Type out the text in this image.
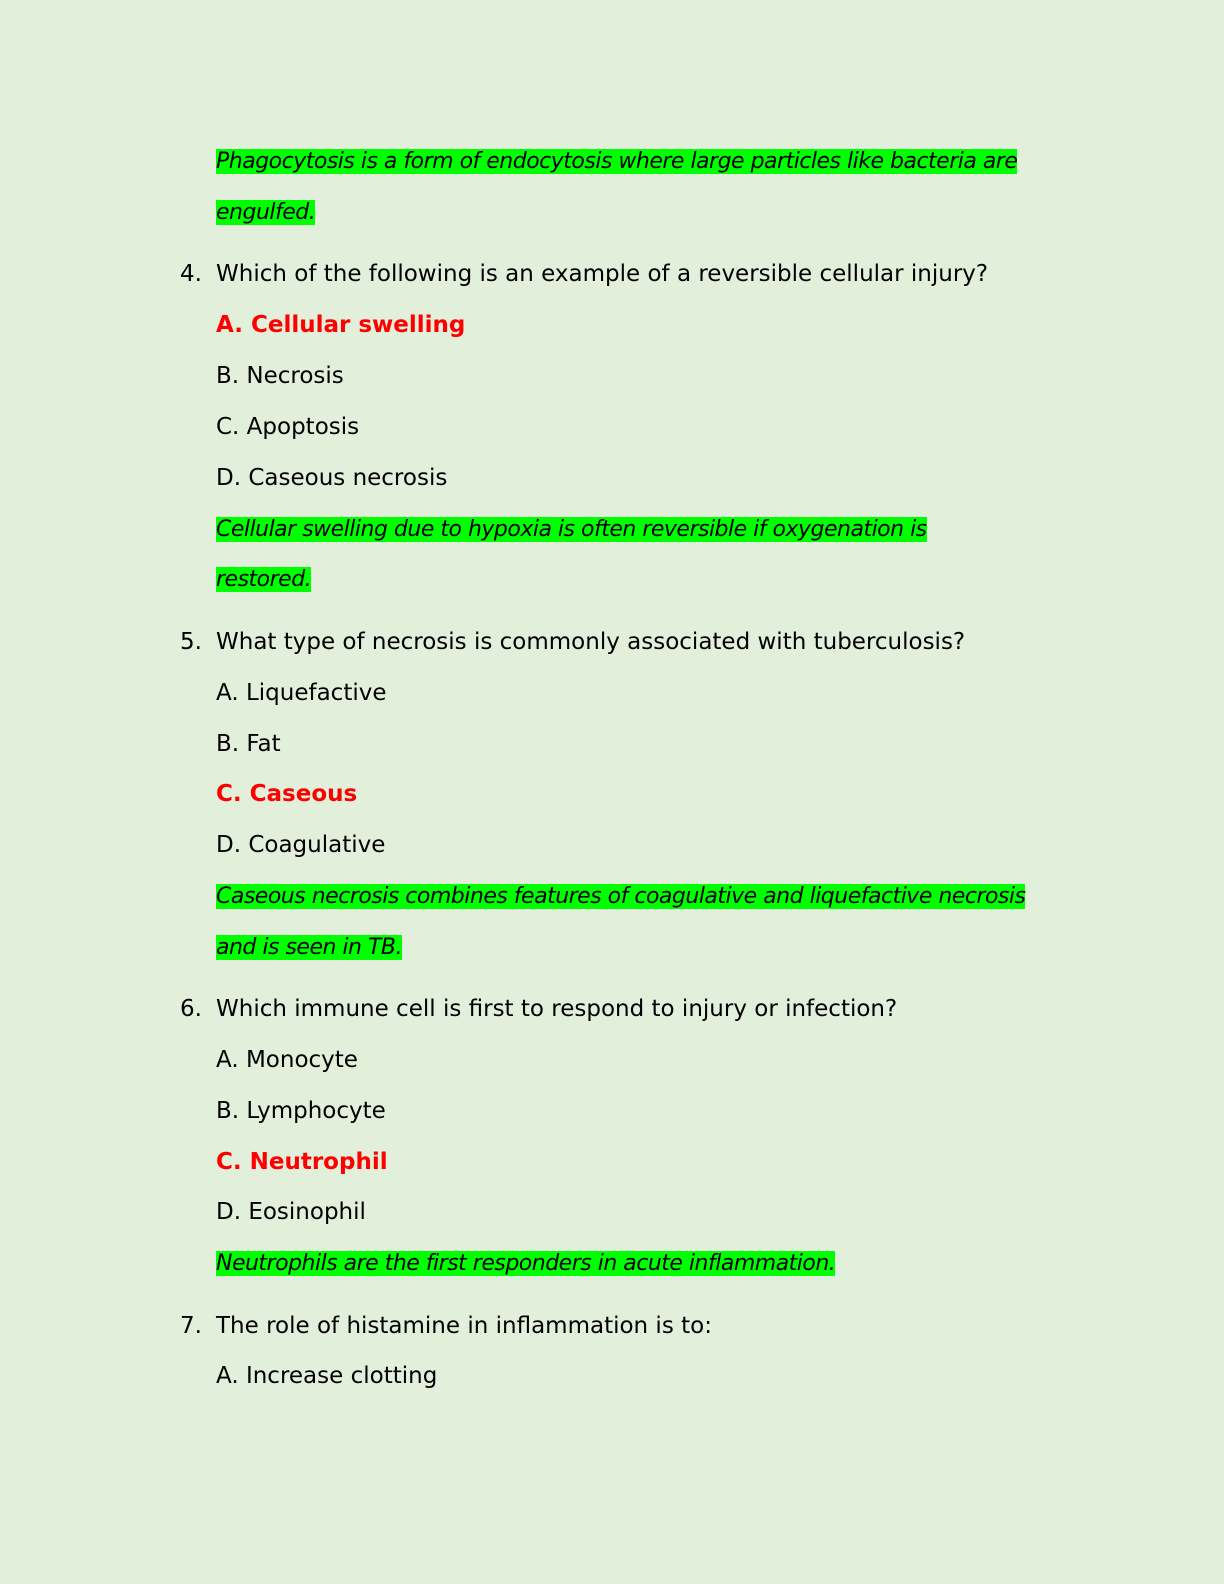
Phagocytosis is a form of endocytosis where large particles like bacteria are
engulfed.
4. Which of the following is an example of a reversible cellular injury?
A. Cellular swelling
B. Necrosis
C. Apoptosis
D. Caseous necrosis
Cellular swelling due to hypoxia is often reversible if oxygenation is
restored.
5. What type of necrosis is commonly associated with tuberculosis?
A. Liquefactive
B. Fat
C. Caseous
D. Coagulative
Caseous necrosis combines features of coagulative and liquefactive necrosis
and is seen in TB.
6. Which immune cell is first to respond to injury or infection?
A. Monocyte
B. Lymphocyte
C. Neutrophil
D. Eosinophil
Neutrophils are the first responders in acute inflammation.
7. The role of histamine in inflammation is to:
A. Increase clotting
